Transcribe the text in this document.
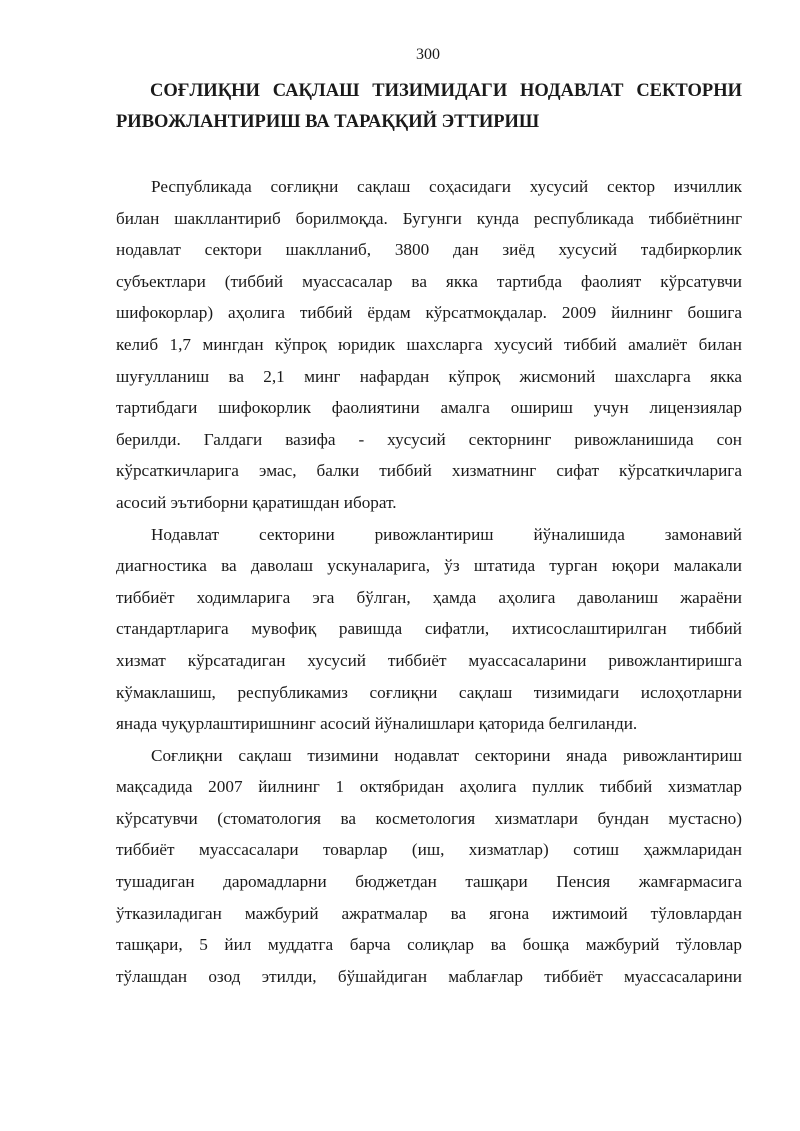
300
СОҒЛИҚНИ САҚЛАШ ТИЗИМИДАГИ НОДАВЛАТ СЕКТОРНИ
РИВОЖЛАНТИРИШ ВА ТАРАҚҚИЙ ЭТТИРИШ

Республикада соғлиқни сақлаш соҳасидаги хусусий сектор изчиллик
билан шакллантириб борилмоқда. Бугунги кунда республикада тиббиётнинг
нодавлат сектори шаклланиб, 3800 дан зиёд хусусий тадбиркорлик
субъектлари (тиббий муассасалар ва якка тартибда фаолият кўрсатувчи
шифокорлар) аҳолига тиббий ёрдам кўрсатмоқдалар. 2009 йилнинг бошига
келиб 1,7 мингдан кўпроқ юридик шахсларга хусусий тиббий амалиёт билан
шуғулланиш ва 2,1 минг нафардан кўпроқ жисмоний шахсларга якка
тартибдаги шифокорлик фаолиятини амалга ошириш учун лицензиялар
берилди. Галдаги вазифа - хусусий секторнинг ривожланишида сон
кўрсаткичларига эмас, балки тиббий хизматнинг сифат кўрсаткичларига
асосий эътиборни қаратишдан иборат.

Нодавлат секторини ривожлантириш йўналишида замонавий
диагностика ва даволаш ускуналарига, ўз штатида турган юқори малакали
тиббиёт ходимларига эга бўлган, ҳамда аҳолига даволаниш жараёни
стандартларига мувофиқ равишда сифатли, ихтисослаштирилган тиббий
хизмат кўрсатадиган хусусий тиббиёт муассасаларини ривожлантиришга
кўмаклашиш, республикамиз соғлиқни сақлаш тизимидаги ислоҳотларни
янада чуқурлаштиришнинг асосий йўналишлари қаторида белгиланди.

Соғлиқни сақлаш тизимини нодавлат секторини янада ривожлантириш
мақсадида 2007 йилнинг 1 октябридан аҳолига пуллик тиббий хизматлар
кўрсатувчи (стоматология ва косметология хизматлари бундан мустасно)
тиббиёт муассасалари товарлар (иш, хизматлар) сотиш ҳажмларидан
тушадиган даромадларни бюджетдан ташқари Пенсия жамғармасига
ўтказиладиган мажбурий ажратмалар ва ягона ижтимоий тўловлардан
ташқари, 5 йил муддатга барча солиқлар ва бошқа мажбурий тўловлар
тўлашдан озод этилди, бўшайдиган маблағлар тиббиёт муассасаларини
